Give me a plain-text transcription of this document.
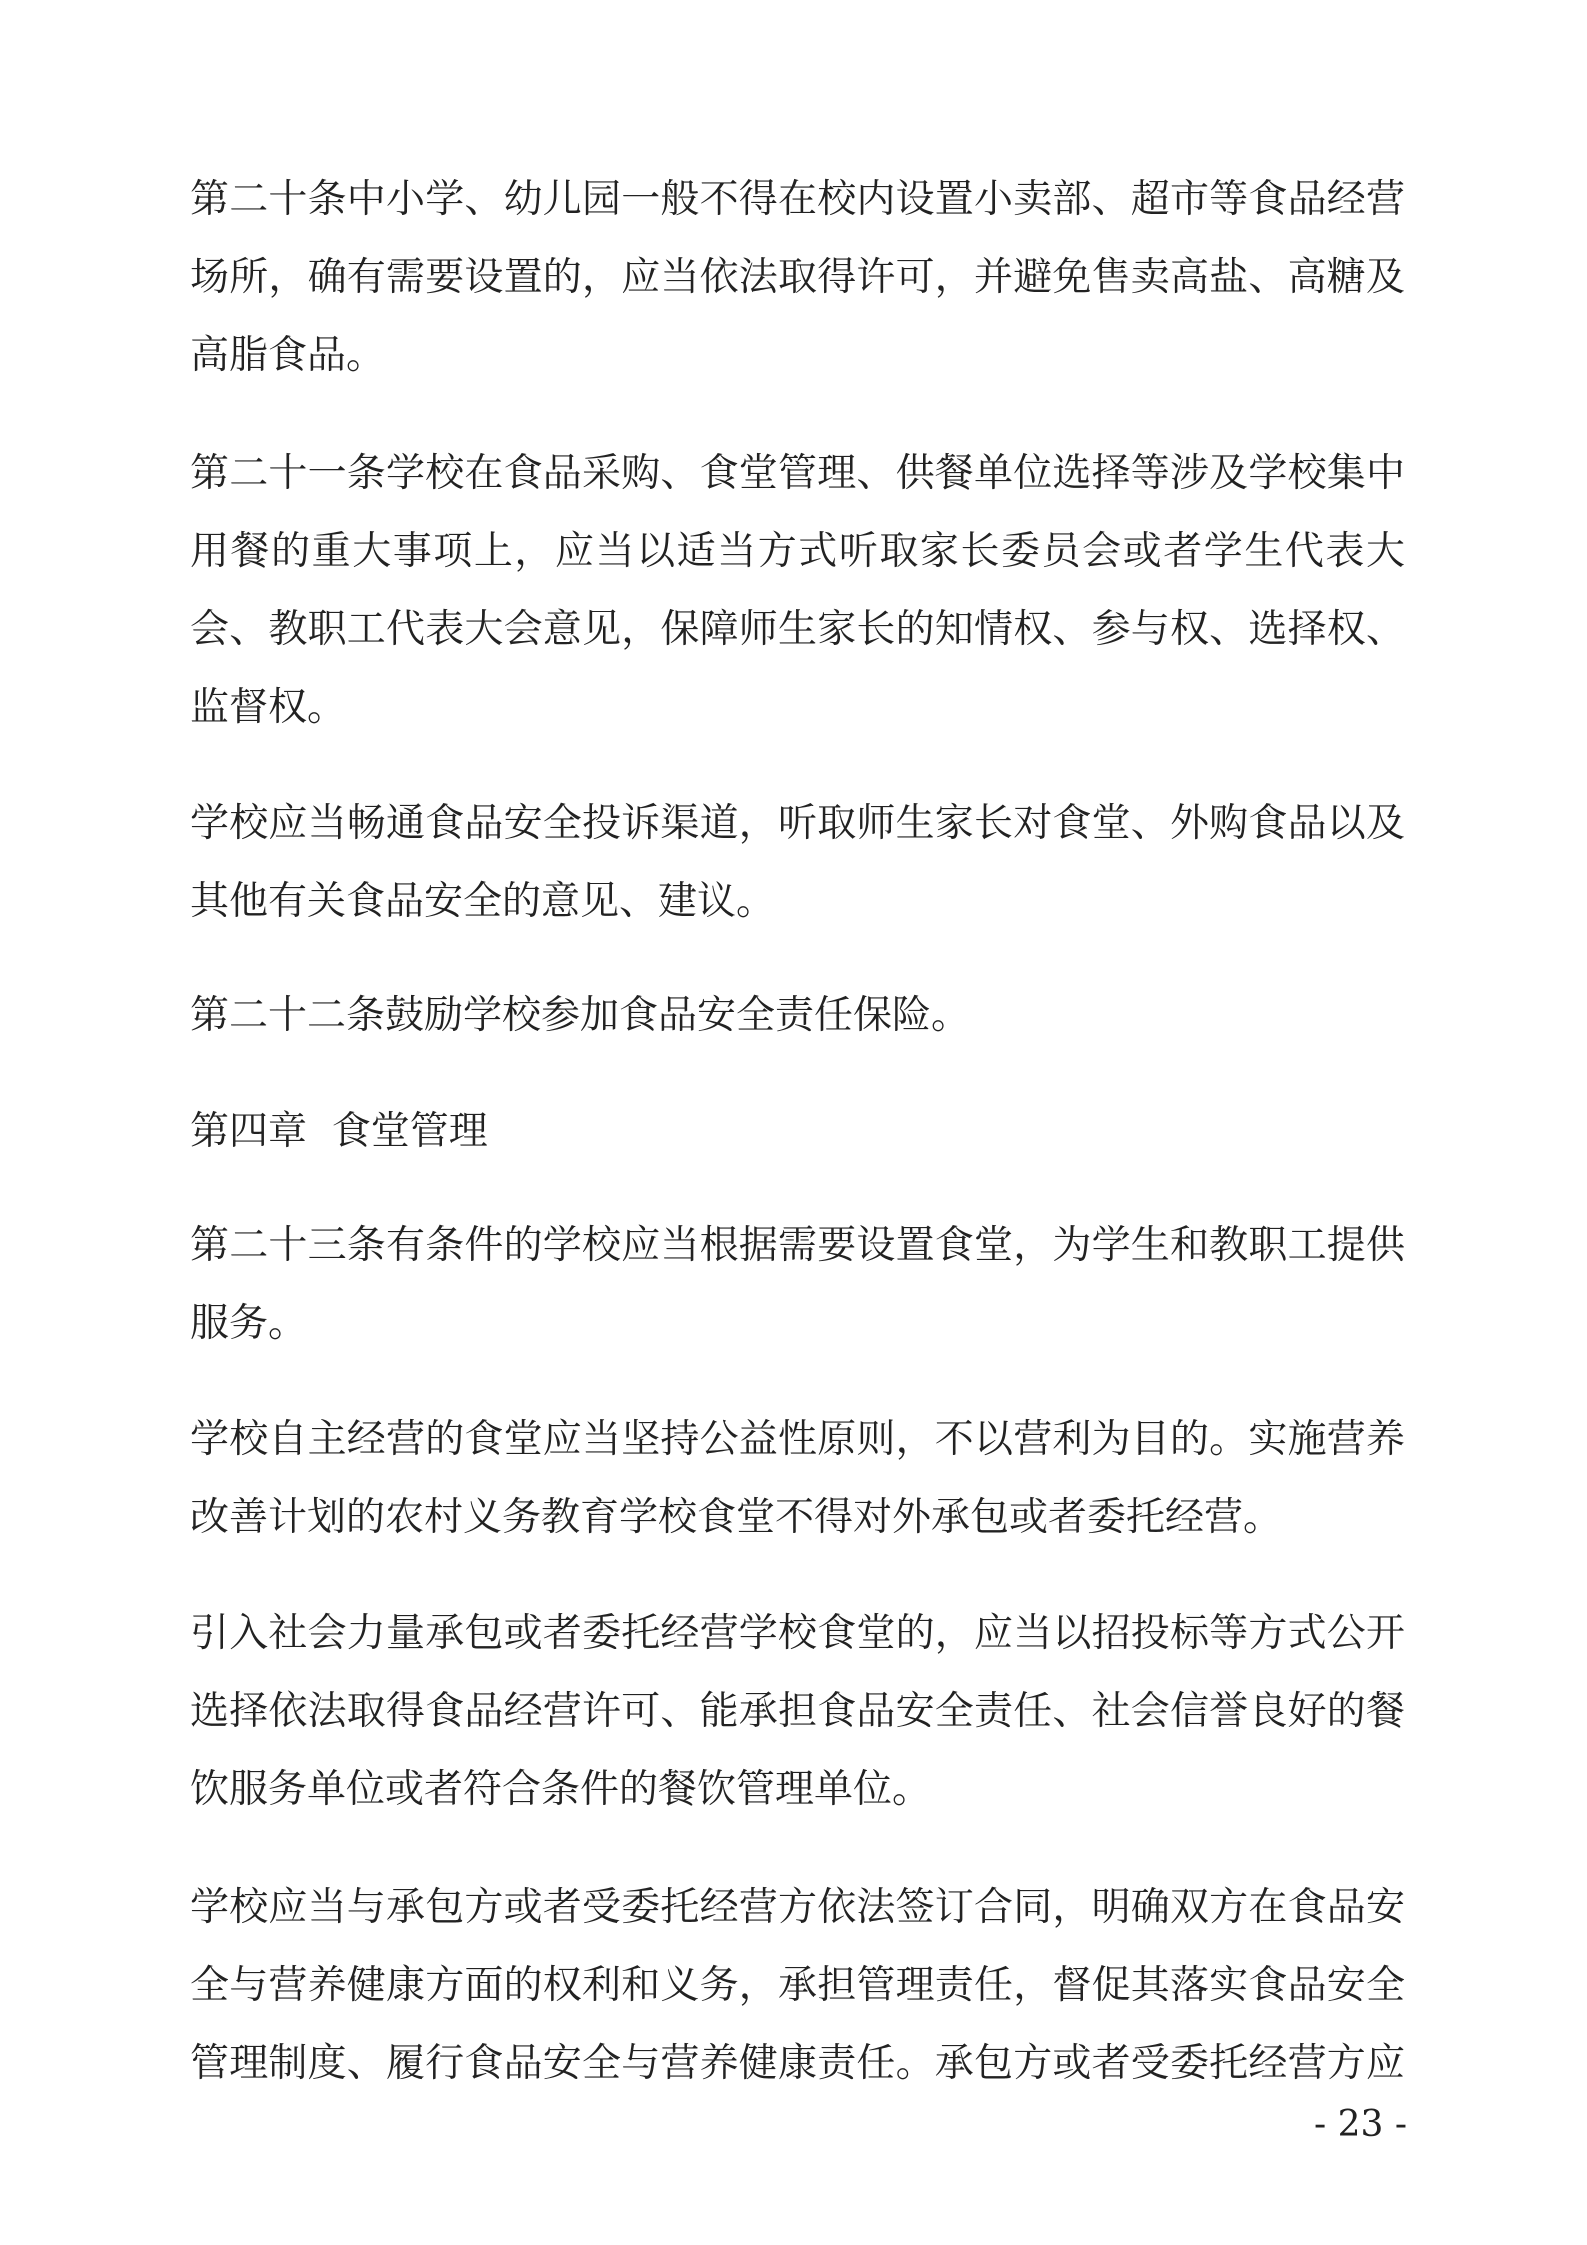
第二十条中小学、幼儿园一般不得在校内设置小卖部、超市等食品经营
场所，确有需要设置的，应当依法取得许可，并避免售卖高盐、高糖及
高脂食品。
第二十一条学校在食品采购、食堂管理、供餐单位选择等涉及学校集中
用餐的重大事项上，应当以适当方式听取家长委员会或者学生代表大
会、教职工代表大会意见，保障师生家长的知情权、参与权、选择权、
监督权。
学校应当畅通食品安全投诉渠道，听取师生家长对食堂、外购食品以及
其他有关食品安全的意见、建议。
第二十二条鼓励学校参加食品安全责任保险。
第四章  食堂管理
第二十三条有条件的学校应当根据需要设置食堂，为学生和教职工提供
服务。
学校自主经营的食堂应当坚持公益性原则，不以营利为目的。实施营养
改善计划的农村义务教育学校食堂不得对外承包或者委托经营。
引入社会力量承包或者委托经营学校食堂的，应当以招投标等方式公开
选择依法取得食品经营许可、能承担食品安全责任、社会信誉良好的餐
饮服务单位或者符合条件的餐饮管理单位。
学校应当与承包方或者受委托经营方依法签订合同，明确双方在食品安
全与营养健康方面的权利和义务，承担管理责任，督促其落实食品安全
管理制度、履行食品安全与营养健康责任。承包方或者受委托经营方应
- 23 -
